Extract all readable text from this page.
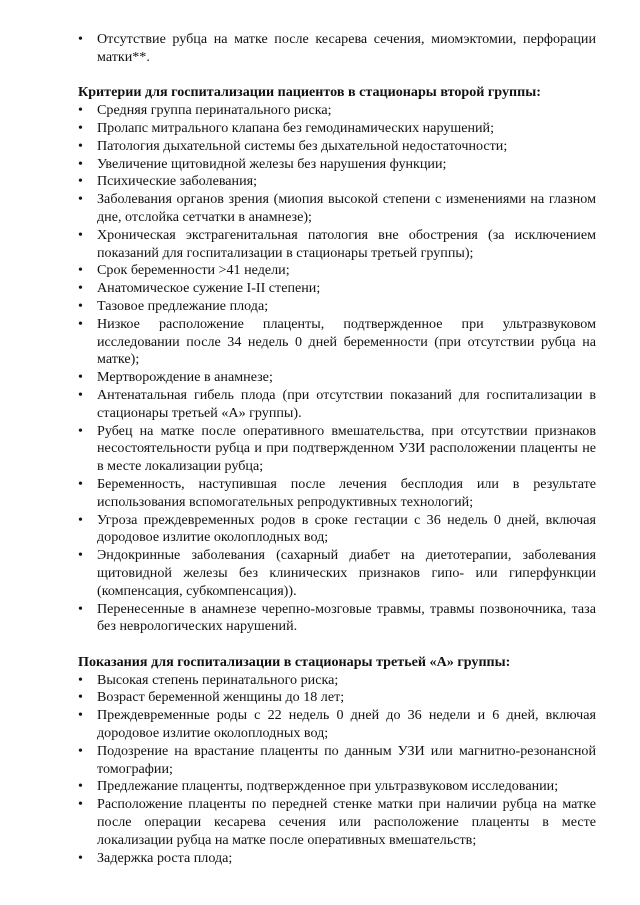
• Отсутствие рубца на матке после кесарева сечения, миомэктомии, перфорации матки**.

Критерии для госпитализации пациентов в стационары второй группы:

• Средняя группа перинатального риска;
• Пролапс митрального клапана без гемодинамических нарушений;
• Патология дыхательной системы без дыхательной недостаточности;
• Увеличение щитовидной железы без нарушения функции;
• Психические заболевания;
• Заболевания органов зрения (миопия высокой степени с изменениями на глазном дне, отслойка сетчатки в анамнезе);
• Хроническая экстрагенитальная патология вне обострения (за исключением показаний для госпитализации в стационары третьей группы);
• Срок беременности >41 недели;
• Анатомическое сужение I-II степени;
• Тазовое предлежание плода;
• Низкое расположение плаценты, подтвержденное при ультразвуковом исследовании после 34 недель 0 дней беременности (при отсутствии рубца на матке);
• Мертворождение в анамнезе;
• Антенатальная гибель плода (при отсутствии показаний для госпитализации в стационары третьей «А» группы).
• Рубец на матке после оперативного вмешательства, при отсутствии признаков несостоятельности рубца и при подтвержденном УЗИ расположении плаценты не в месте локализации рубца;
• Беременность, наступившая после лечения бесплодия или в результате использования вспомогательных репродуктивных технологий;
• Угроза преждевременных родов в сроке гестации с 36 недель 0 дней, включая дородовое излитие околоплодных вод;
• Эндокринные заболевания (сахарный диабет на диетотерапии, заболевания щитовидной железы без клинических признаков гипо- или гиперфункции (компенсация, субкомпенсация)).
• Перенесенные в анамнезе черепно-мозговые травмы, травмы позвоночника, таза без неврологических нарушений.

Показания для госпитализации в стационары третьей «А» группы:

• Высокая степень перинатального риска;
• Возраст беременной женщины до 18 лет;
• Преждевременные роды с 22 недель 0 дней до 36 недели и 6 дней, включая дородовое излитие околоплодных вод;
• Подозрение на врастание плаценты по данным УЗИ или магнитно-резонансной томографии;
• Предлежание плаценты, подтвержденное при ультразвуковом исследовании;
• Расположение плаценты по передней стенке матки при наличии рубца на матке после операции кесарева сечения или расположение плаценты в месте локализации рубца на матке после оперативных вмешательств;
• Задержка роста плода;
